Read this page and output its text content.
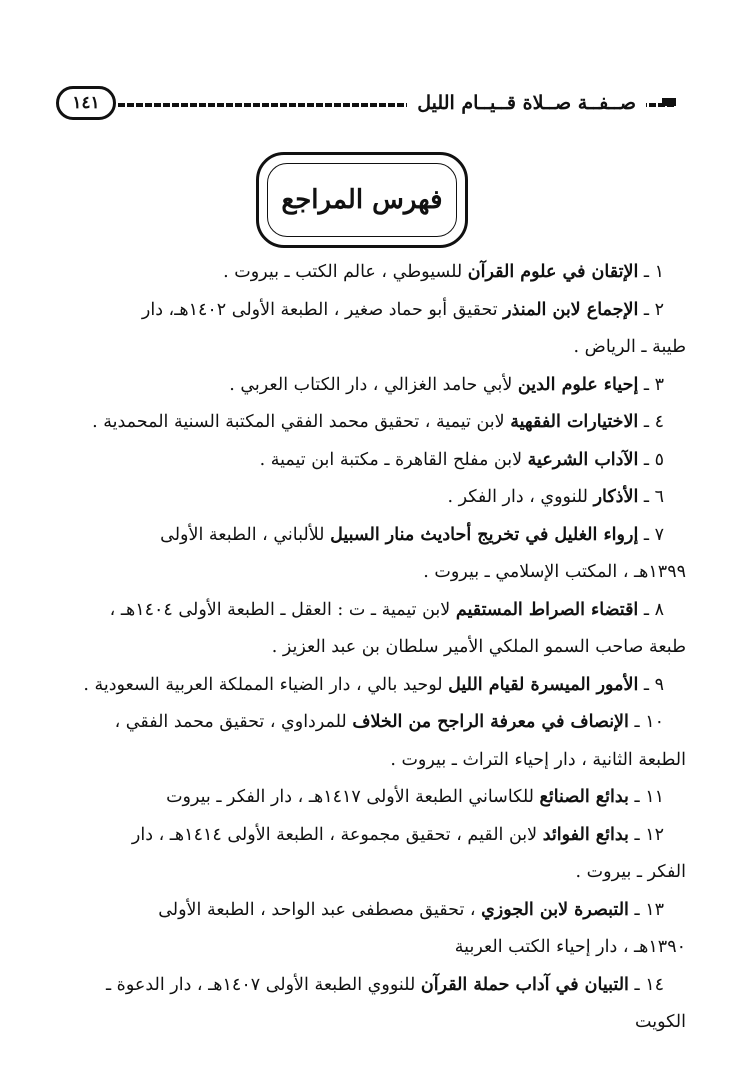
صــفــة صــلاة قــيــام الليل
١٤١
فهرس المراجع

١ ـ الإتقان في علوم القرآن للسيوطي ، عالم الكتب ـ بيروت .

٢ ـ الإجماع لابن المنذر تحقيق أبو حماد صغير ، الطبعة الأولى ١٤٠٢هـ، دار
طيبة ـ الرياض .

٣ ـ إحياء علوم الدين لأبي حامد الغزالي ، دار الكتاب العربي .

٤ ـ الاختيارات الفقهية لابن تيمية ، تحقيق محمد الفقي المكتبة السنية المحمدية .

٥ ـ الآداب الشرعية لابن مفلح القاهرة ـ مكتبة ابن تيمية .

٦ ـ الأذكار للنووي ، دار الفكر .

٧ ـ إرواء الغليل في تخريج أحاديث منار السبيل للألباني ، الطبعة الأولى
١٣٩٩هـ ، المكتب الإسلامي ـ بيروت .

٨ ـ اقتضاء الصراط المستقيم لابن تيمية ـ ت : العقل ـ الطبعة الأولى ١٤٠٤هـ ،
طبعة صاحب السمو الملكي الأمير سلطان بن عبد العزيز .

٩ ـ الأمور الميسرة لقيام الليل لوحيد بالي ، دار الضياء المملكة العربية السعودية .

١٠ ـ الإنصاف في معرفة الراجح من الخلاف للمرداوي ، تحقيق محمد الفقي ،
الطبعة الثانية ، دار إحياء التراث ـ بيروت .

١١ ـ بدائع الصنائع للكاساني الطبعة الأولى ١٤١٧هـ ، دار الفكر ـ بيروت

١٢ ـ بدائع الفوائد لابن القيم ، تحقيق مجموعة ، الطبعة الأولى ١٤١٤هـ ، دار
الفكر ـ بيروت .

١٣ ـ التبصرة لابن الجوزي ، تحقيق مصطفى عبد الواحد ، الطبعة الأولى
١٣٩٠هـ ، دار إحياء الكتب العربية

١٤ ـ التبيان في آداب حملة القرآن للنووي الطبعة الأولى ١٤٠٧هـ ، دار الدعوة ـ
الكويت
